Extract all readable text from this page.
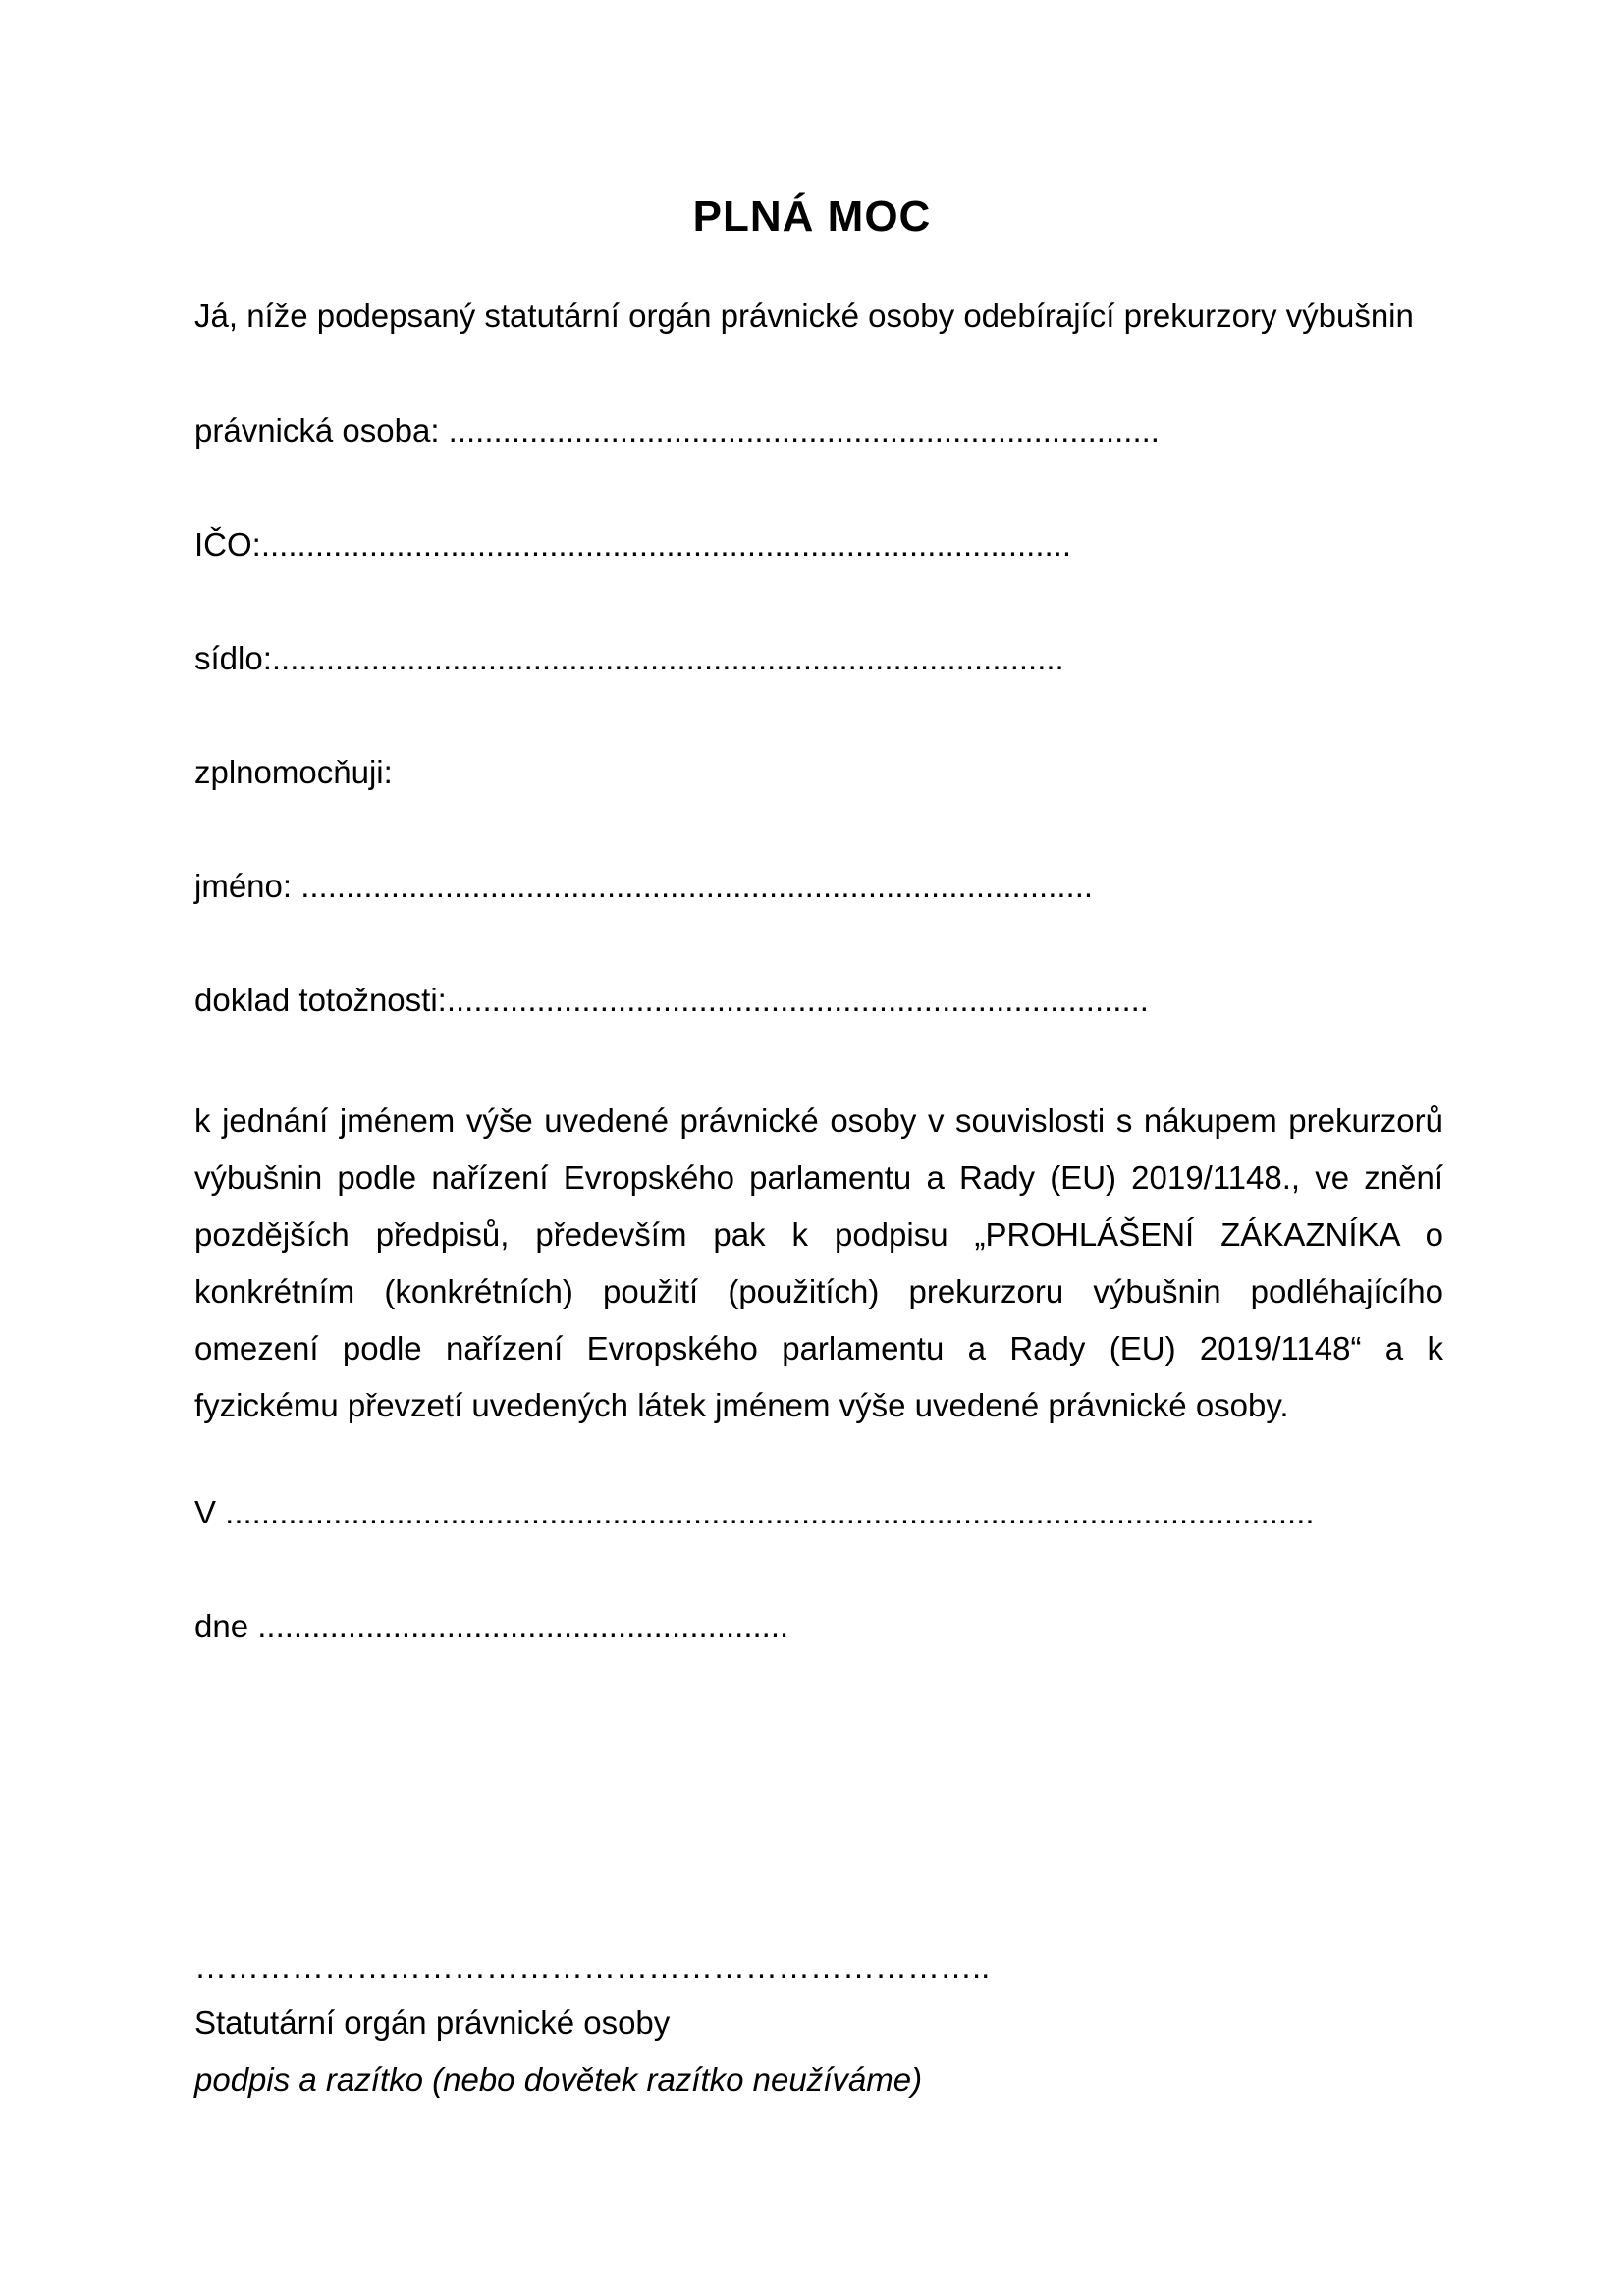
PLNÁ MOC
Já, níže podepsaný statutární orgán právnické osoby odebírající prekurzory výbušnin
právnická osoba: ...............................................................................
IČO:..........................................................................................
sídlo:........................................................................................
zplnomocňuji:
jméno: ........................................................................................
doklad totožnosti:..............................................................................
k jednání jménem výše uvedené právnické osoby v souvislosti s nákupem prekurzorů výbušnin podle nařízení Evropského parlamentu a Rady (EU) 2019/1148., ve znění pozdějších předpisů, především pak k podpisu „PROHLÁŠENÍ ZÁKAZNÍKA o konkrétním (konkrétních) použití (použitích) prekurzoru výbušnin podléhajícího omezení podle nařízení Evropského parlamentu a Rady (EU) 2019/1148“ a k fyzickému převzetí uvedených látek jménem výše uvedené právnické osoby.
V .........................................................................................................................
dne ...........................................................
………………………………………………………………..
Statutární orgán právnické osoby
podpis a razítko (nebo dovětek razítko neužíváme)
